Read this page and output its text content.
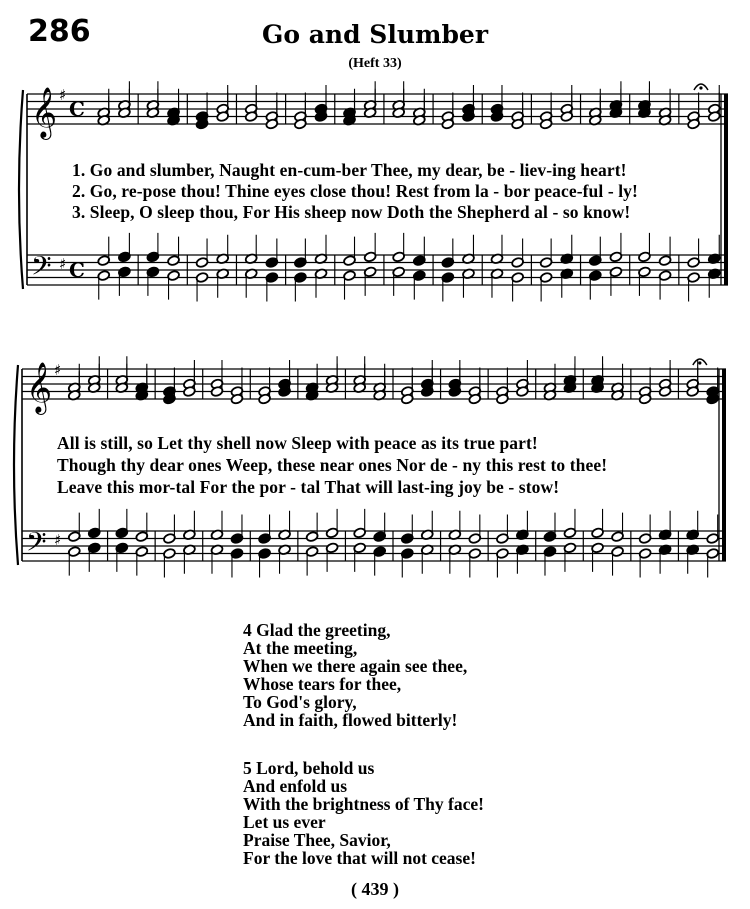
286	Go and Slumber
(Heft 33)
𝄞
𝄢
♯
♯
C
C
𝄞
𝄢
♯
♯
1. Go and slumber, Naught en-cum-ber Thee, my dear, be - liev-ing heart!
2. Go, re-pose thou! Thine eyes close thou! Rest from la - bor peace-ful - ly!
3. Sleep, O sleep thou, For His sheep now Doth the Shepherd al - so know!
All is still, so Let thy shell now Sleep with peace as its true part!
Though thy dear ones Weep, these near ones Nor de - ny this rest to thee!
Leave this mor-tal For the por - tal That will last-ing joy be - stow!
4 Glad the greeting,
At the meeting,
When we there again see thee,
Whose tears for thee,
To God's glory,
And in faith, flowed bitterly!
5 Lord, behold us
And enfold us
With the brightness of Thy face!
Let us ever
Praise Thee, Savior,
For the love that will not cease!
( 439 )
